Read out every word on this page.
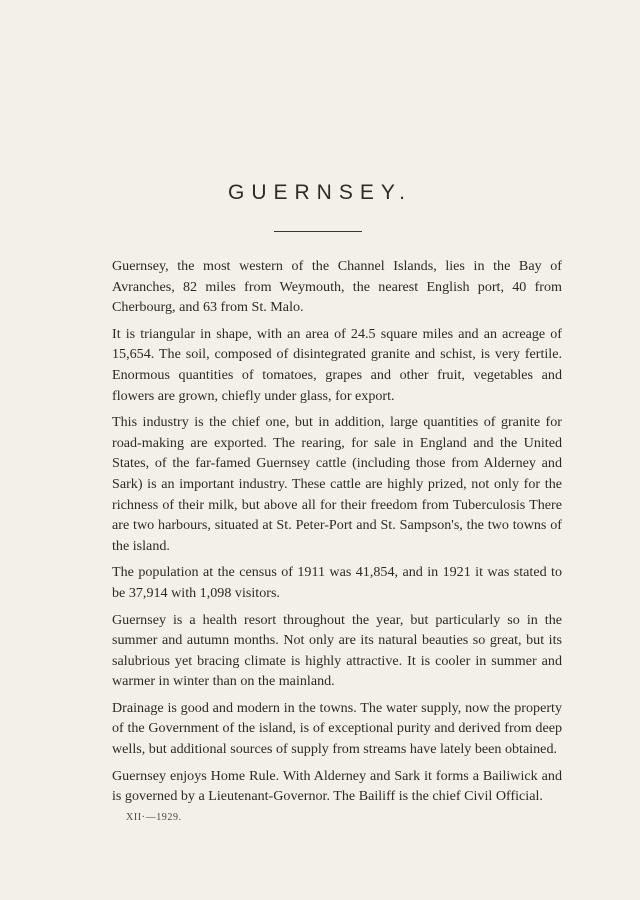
GUERNSEY.

Guernsey, the most western of the Channel Islands, lies in the Bay of Avranches, 82 miles from Weymouth, the nearest English port, 40 from Cherbourg, and 63 from St. Malo.

It is triangular in shape, with an area of 24.5 square miles and an acreage of 15,654. The soil, composed of disintegrated granite and schist, is very fertile. Enormous quantities of tomatoes, grapes and other fruit, vegetables and flowers are grown, chiefly under glass, for export.

This industry is the chief one, but in addition, large quantities of granite for road-making are exported. The rearing, for sale in England and the United States, of the far-famed Guernsey cattle (including those from Alderney and Sark) is an important industry. These cattle are highly prized, not only for the richness of their milk, but above all for their freedom from Tuberculosis There are two harbours, situated at St. Peter-Port and St. Sampson's, the two towns of the island.

The population at the census of 1911 was 41,854, and in 1921 it was stated to be 37,914 with 1,098 visitors.

Guernsey is a health resort throughout the year, but particularly so in the summer and autumn months. Not only are its natural beauties so great, but its salubrious yet bracing climate is highly attractive. It is cooler in summer and warmer in winter than on the mainland.

Drainage is good and modern in the towns. The water supply, now the property of the Government of the island, is of exceptional purity and derived from deep wells, but additional sources of supply from streams have lately been obtained.

Guernsey enjoys Home Rule. With Alderney and Sark it forms a Bailiwick and is governed by a Lieutenant-Governor. The Bailiff is the chief Civil Official.

XII·—1929.
